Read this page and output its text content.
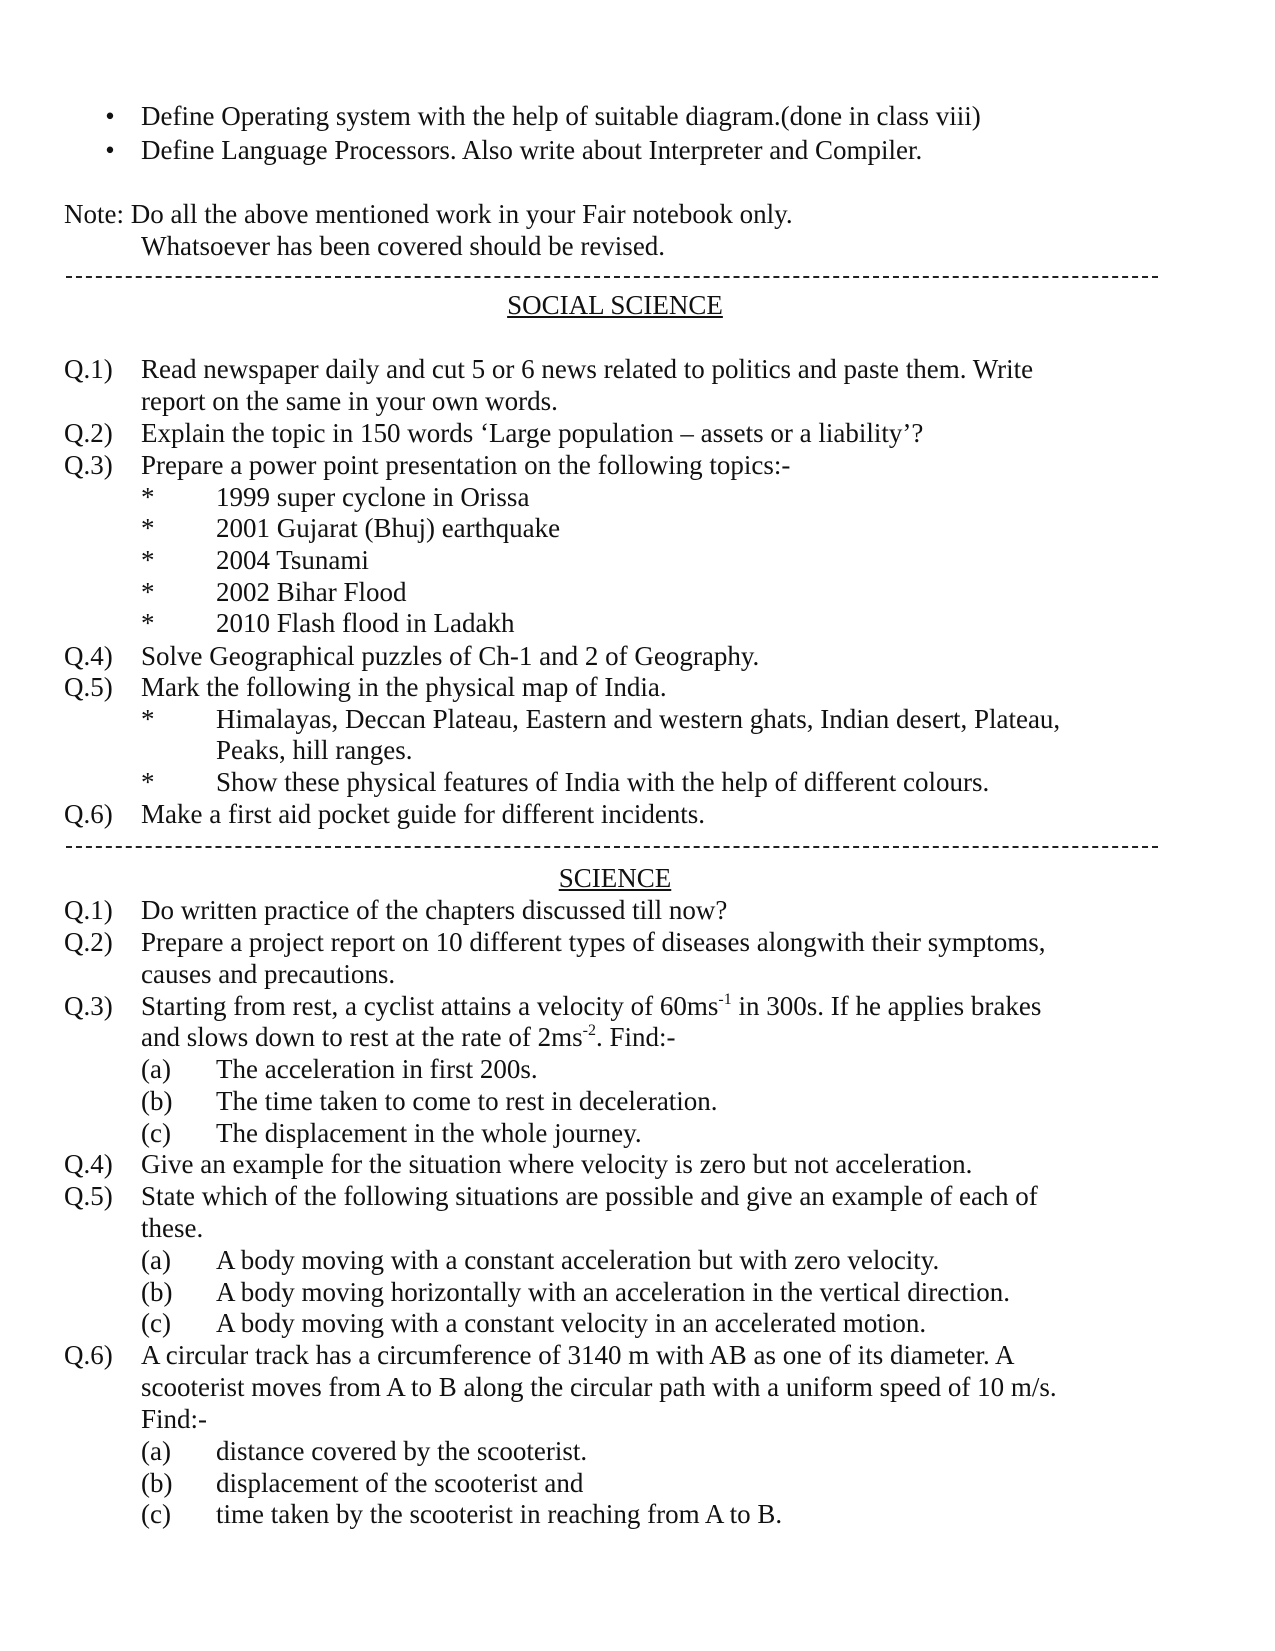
• Define Operating system with the help of suitable diagram.(done in class viii)
• Define Language Processors. Also write about Interpreter and Compiler.
Note: Do all the above mentioned work in your Fair notebook only.
Whatsoever has been covered should be revised.
SOCIAL SCIENCE
Q.1) Read newspaper daily and cut 5 or 6 news related to politics and paste them. Write
report on the same in your own words.
Q.2) Explain the topic in 150 words ‘Large population – assets or a liability’?
Q.3) Prepare a power point presentation on the following topics:-
* 1999 super cyclone in Orissa
* 2001 Gujarat (Bhuj) earthquake
* 2004 Tsunami
* 2002 Bihar Flood
* 2010 Flash flood in Ladakh
Q.4) Solve Geographical puzzles of Ch-1 and 2 of Geography.
Q.5) Mark the following in the physical map of India.
* Himalayas, Deccan Plateau, Eastern and western ghats, Indian desert, Plateau,
Peaks, hill ranges.
* Show these physical features of India with the help of different colours.
Q.6) Make a first aid pocket guide for different incidents.
SCIENCE
Q.1) Do written practice of the chapters discussed till now?
Q.2) Prepare a project report on 10 different types of diseases alongwith their symptoms,
causes and precautions.
Q.3) Starting from rest, a cyclist attains a velocity of $60ms^{-1}$ in 300s. If he applies brakes
and slows down to rest at the rate of $2ms^{-2}$. Find:-
(a) The acceleration in first 200s.
(b) The time taken to come to rest in deceleration.
(c) The displacement in the whole journey.
Q.4) Give an example for the situation where velocity is zero but not acceleration.
Q.5) State which of the following situations are possible and give an example of each of
these.
(a) A body moving with a constant acceleration but with zero velocity.
(b) A body moving horizontally with an acceleration in the vertical direction.
(c) A body moving with a constant velocity in an accelerated motion.
Q.6) A circular track has a circumference of 3140 m with AB as one of its diameter. A
scooterist moves from A to B along the circular path with a uniform speed of 10 m/s.
Find:-
(a) distance covered by the scooterist.
(b) displacement of the scooterist and
(c) time taken by the scooterist in reaching from A to B.
